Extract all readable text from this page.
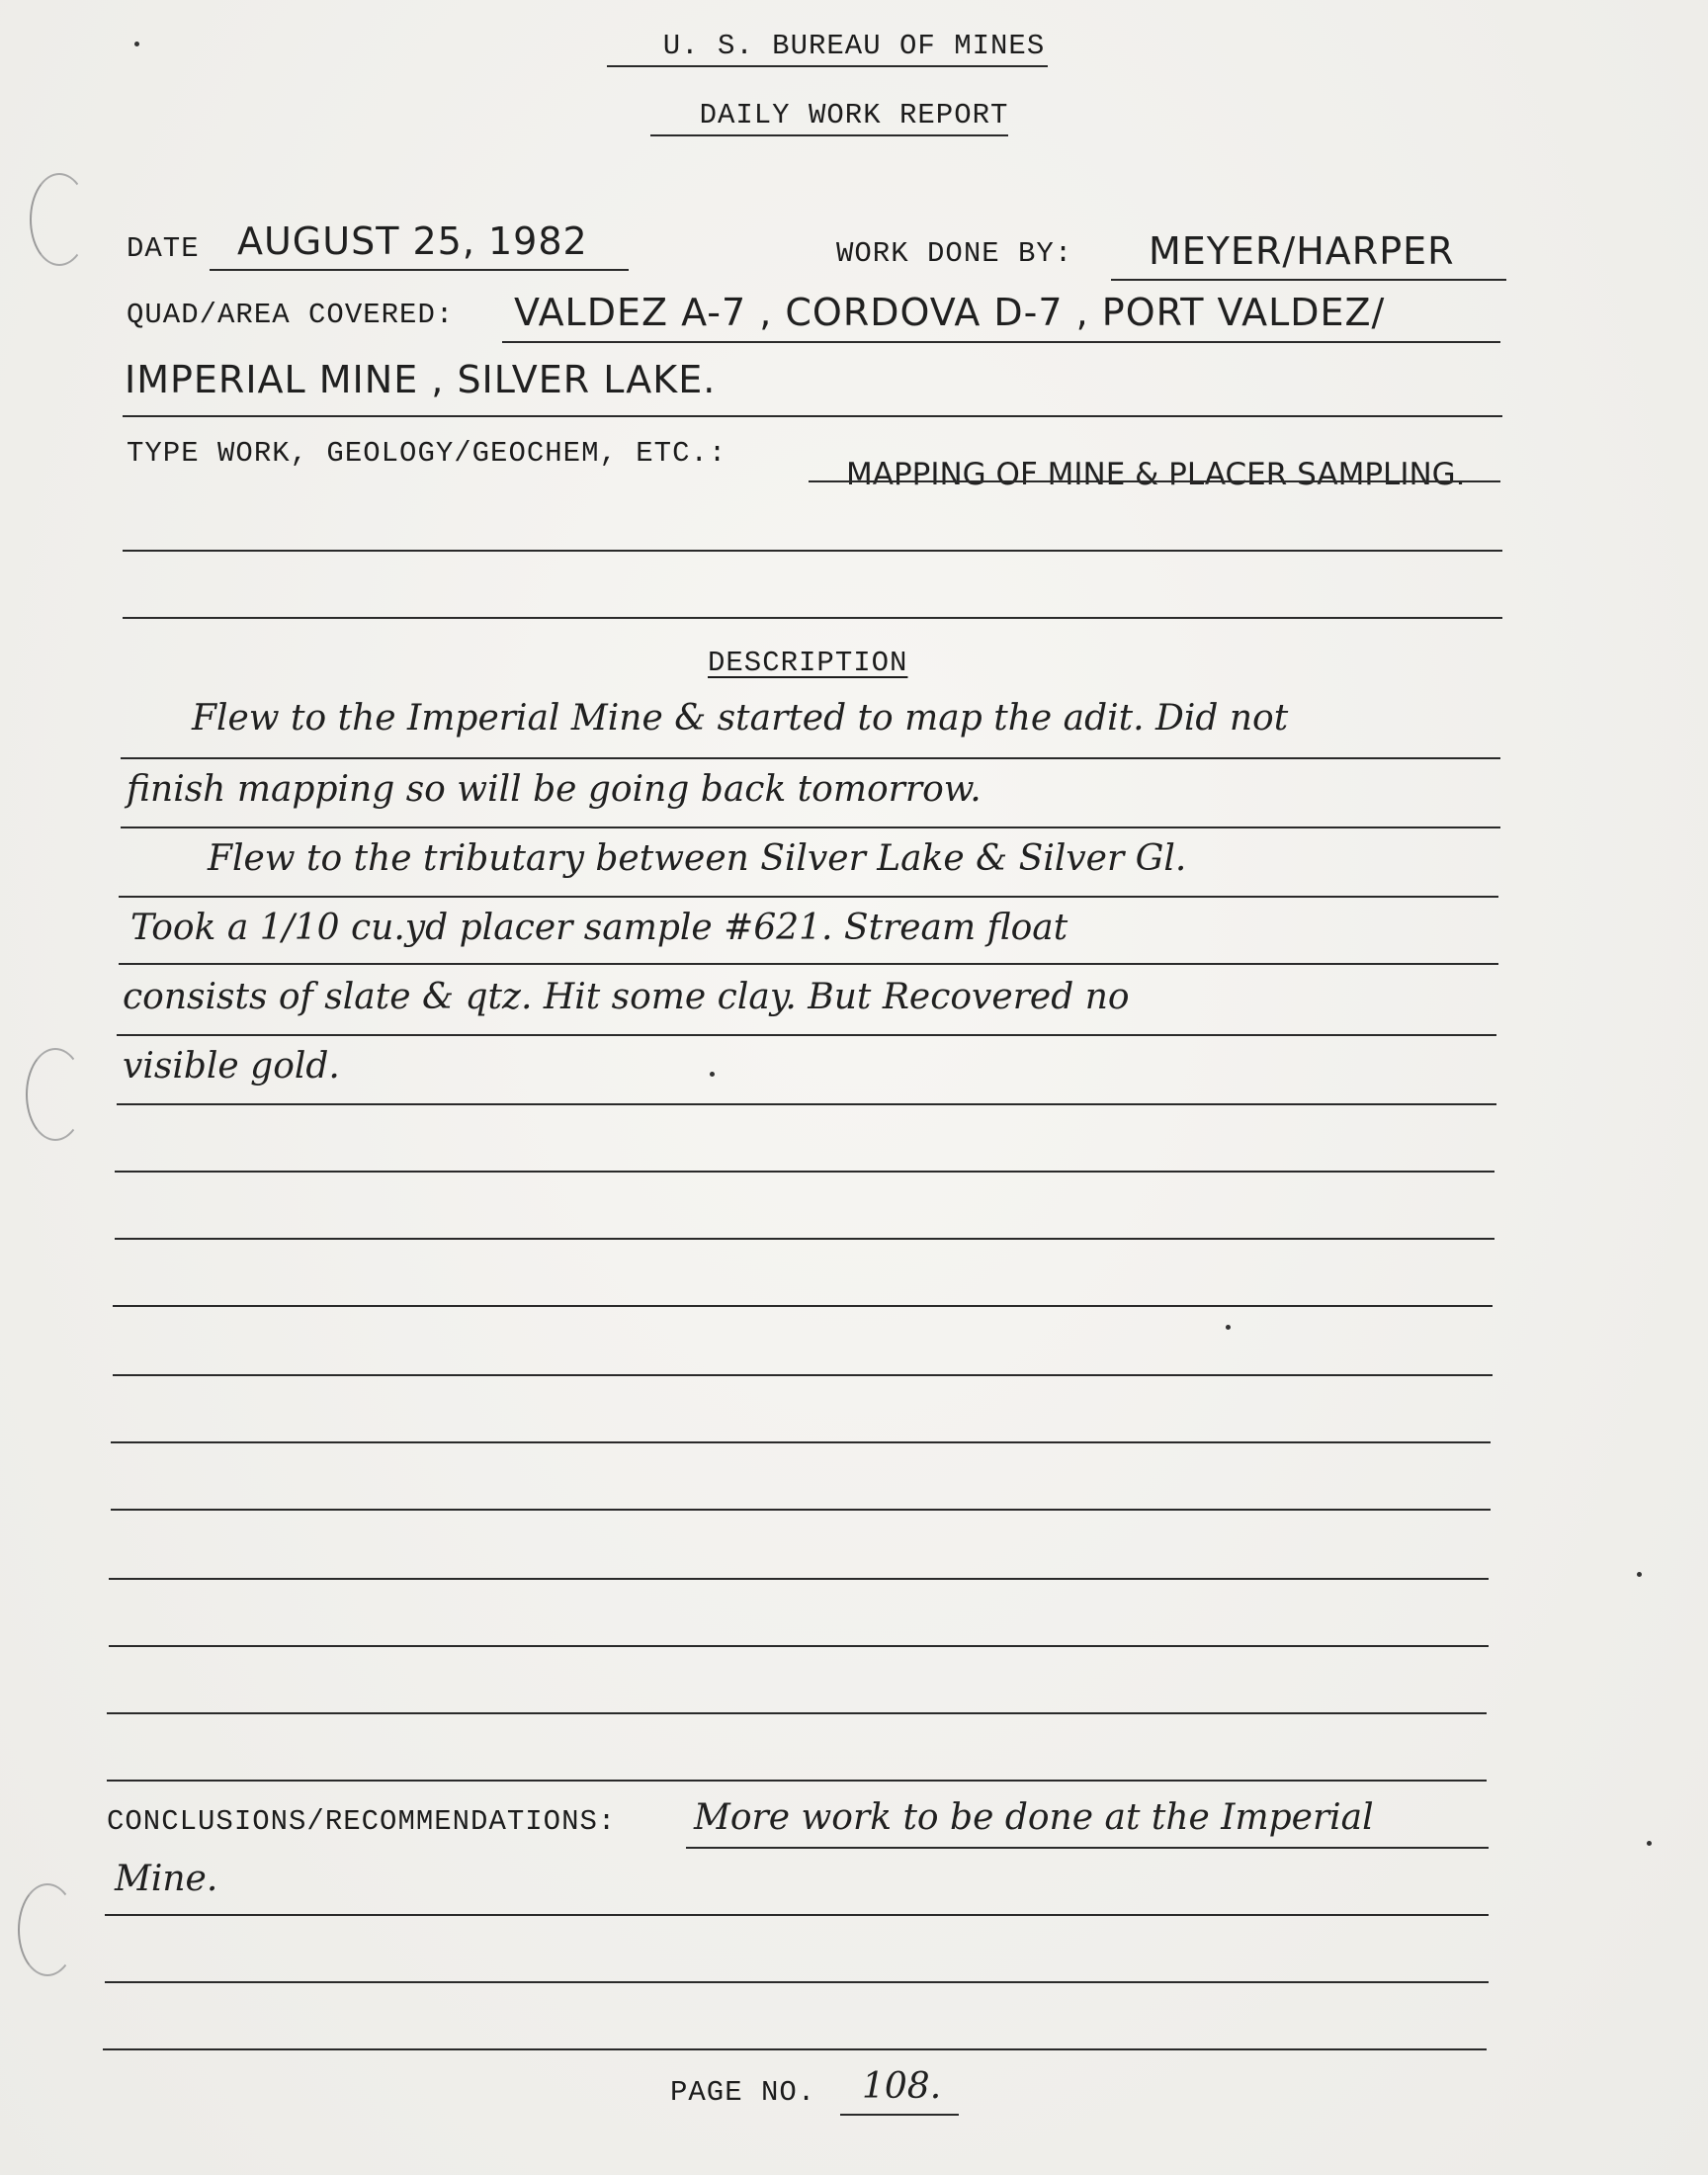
U. S. BUREAU OF MINES
DAILY WORK REPORT
DATE AUGUST 25, 1982	WORK DONE BY: MEYER/HARPER
QUAD/AREA COVERED: VALDEZ A-7 , CORDOVA D-7 , PORT VALDEZ/
IMPERIAL MINE , SILVER LAKE.
TYPE WORK, GEOLOGY/GEOCHEM, ETC.:
MAPPING OF MINE & PLACER SAMPLING.
DESCRIPTION
Flew to the Imperial Mine & started to map the adit. Did not
finish mapping so will be going back tomorrow.
Flew to the tributary between Silver Lake & Silver Gl.
Took a 1/10 cu.yd placer sample #621. Stream float
consists of slate & qtz. Hit some clay. But Recovered no
visible gold.
CONCLUSIONS/RECOMMENDATIONS: More work to be done at the Imperial
Mine.
PAGE NO. 108.
